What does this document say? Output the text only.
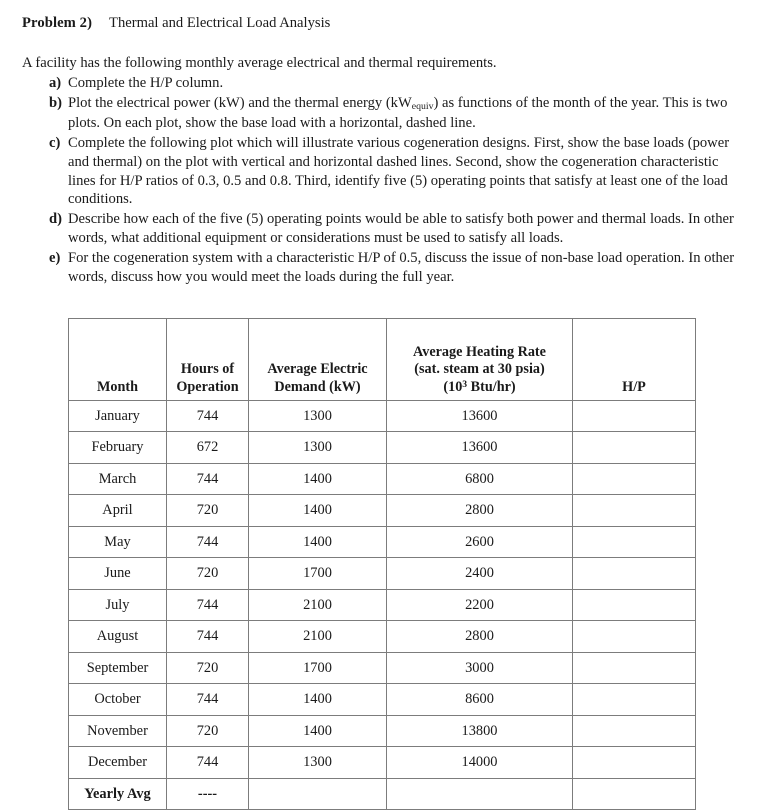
Problem 2) Thermal and Electrical Load Analysis

A facility has the following monthly average electrical and thermal requirements.

a) Complete the H/P column.
b) Plot the electrical power (kW) and the thermal energy $(kW_{equiv})$ as functions of the month of the year. This is two plots. On each plot, show the base load with a horizontal, dashed line.
c) Complete the following plot which will illustrate various cogeneration designs. First, show the base loads (power and thermal) on the plot with vertical and horizontal dashed lines. Second, show the cogeneration characteristic lines for H/P ratios of 0.3, 0.5 and 0.8. Third, identify five (5) operating points that satisfy at least one of the load conditions.
d) Describe how each of the five (5) operating points would be able to satisfy both power and thermal loads. In other words, what additional equipment or considerations must be used to satisfy all loads.
e) For the cogeneration system with a characteristic H/P of 0.5, discuss the issue of non-base load operation. In other words, discuss how you would meet the loads during the full year.
Month	Hours of
Operation	Average Electric
Demand (kW)	Average Heating Rate
(sat. steam at 30 psia)
($10^3$ Btu/hr)	H/P

January	744	1300	13600	
February	672	1300	13600	
March	744	1400	6800	
April	720	1400	2800	
May	744	1400	2600	
June	720	1700	2400	
July	744	2100	2200	
August	744	2100	2800	
September	720	1700	3000	
October	744	1400	8600	
November	720	1400	13800	
December	744	1300	14000	
Yearly Avg	----			
